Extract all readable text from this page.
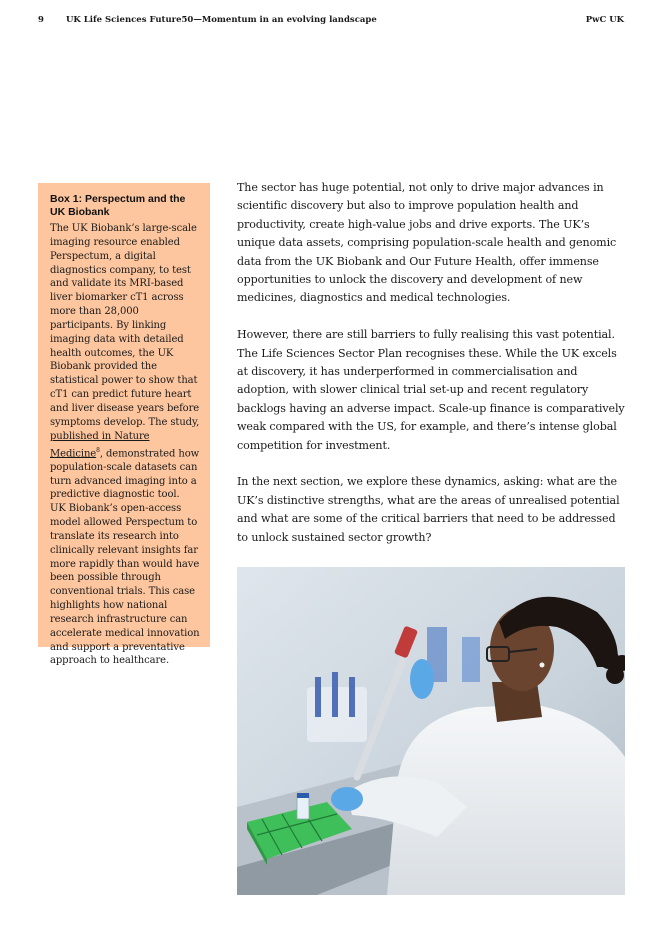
9	UK Life Sciences Future50—Momentum in an evolving landscape	PwC UK
Box 1: Perspectum and the UK Biobank
The UK Biobank’s large-scale imaging resource enabled Perspectum, a digital diagnostics company, to test and validate its MRI-based liver biomarker cT1 across more than 28,000 participants. By linking imaging data with detailed health outcomes, the UK Biobank provided the statistical power to show that cT1 can predict future heart and liver disease years before symptoms develop. The study, published in Nature Medicine$^8$, demonstrated how population-scale datasets can turn advanced imaging into a predictive diagnostic tool.
UK Biobank’s open-access model allowed Perspectum to translate its research into clinically relevant insights far more rapidly than would have been possible through conventional trials. This case highlights how national research infrastructure can accelerate medical innovation and support a preventative approach to healthcare.

The sector has huge potential, not only to drive major advances in scientific discovery but also to improve population health and productivity, create high-value jobs and drive exports. The UK’s unique data assets, comprising population-scale health and genomic data from the UK Biobank and Our Future Health, offer immense opportunities to unlock the discovery and development of new medicines, diagnostics and medical technologies.

However, there are still barriers to fully realising this vast potential. The Life Sciences Sector Plan recognises these. While the UK excels at discovery, it has underperformed in commercialisation and adoption, with slower clinical trial set-up and recent regulatory backlogs having an adverse impact. Scale-up finance is comparatively weak compared with the US, for example, and there’s intense global competition for investment.

In the next section, we explore these dynamics, asking: what are the UK’s distinctive strengths, what are the areas of unrealised potential and what are some of the critical barriers that need to be addressed to unlock sustained sector growth?
